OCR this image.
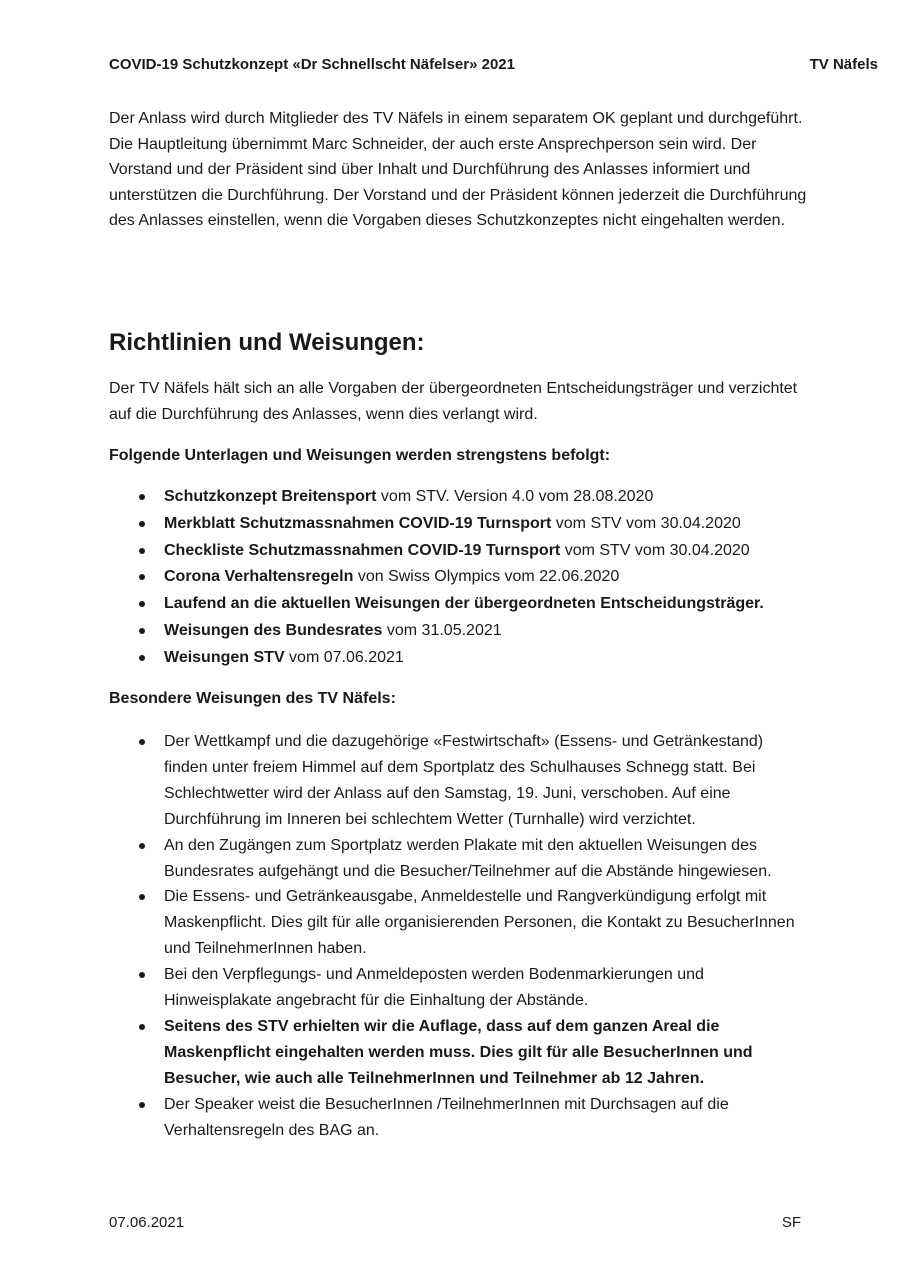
COVID-19 Schutzkonzept «Dr Schnellscht Näfelser» 2021	TV Näfels

Der Anlass wird durch Mitglieder des TV Näfels in einem separatem OK geplant und durchgeführt. Die Hauptleitung übernimmt Marc Schneider, der auch erste Ansprechperson sein wird. Der Vorstand und der Präsident sind über Inhalt und Durchführung des Anlasses informiert und unterstützen die Durchführung. Der Vorstand und der Präsident können jederzeit die Durchführung des Anlasses einstellen, wenn die Vorgaben dieses Schutzkonzeptes nicht eingehalten werden.

Richtlinien und Weisungen:

Der TV Näfels hält sich an alle Vorgaben der übergeordneten Entscheidungsträger und verzichtet auf die Durchführung des Anlasses, wenn dies verlangt wird.

Folgende Unterlagen und Weisungen werden strengstens befolgt:
Schutzkonzept Breitensport vom STV. Version 4.0 vom 28.08.2020
Merkblatt Schutzmassnahmen COVID-19 Turnsport vom STV vom 30.04.2020
Checkliste Schutzmassnahmen COVID-19 Turnsport vom STV vom 30.04.2020
Corona Verhaltensregeln von Swiss Olympics vom 22.06.2020
Laufend an die aktuellen Weisungen der übergeordneten Entscheidungsträger.
Weisungen des Bundesrates vom 31.05.2021
Weisungen STV vom 07.06.2021
Besondere Weisungen des TV Näfels:
Der Wettkampf und die dazugehörige «Festwirtschaft» (Essens- und Getränkestand) finden unter freiem Himmel auf dem Sportplatz des Schulhauses Schnegg statt. Bei Schlechtwetter wird der Anlass auf den Samstag, 19. Juni, verschoben. Auf eine Durchführung im Inneren bei schlechtem Wetter (Turnhalle) wird verzichtet.
An den Zugängen zum Sportplatz werden Plakate mit den aktuellen Weisungen des Bundesrates aufgehängt und die Besucher/Teilnehmer auf die Abstände hingewiesen.
Die Essens- und Getränkeausgabe, Anmeldestelle und Rangverkündigung erfolgt mit Maskenpflicht. Dies gilt für alle organisierenden Personen, die Kontakt zu BesucherInnen und TeilnehmerInnen haben.
Bei den Verpflegungs- und Anmeldeposten werden Bodenmarkierungen und Hinweisplakate angebracht für die Einhaltung der Abstände.
Seitens des STV erhielten wir die Auflage, dass auf dem ganzen Areal die Maskenpflicht eingehalten werden muss. Dies gilt für alle BesucherInnen und Besucher, wie auch alle TeilnehmerInnen und Teilnehmer ab 12 Jahren.
Der Speaker weist die BesucherInnen /TeilnehmerInnen mit Durchsagen auf die Verhaltensregeln des BAG an.
07.06.2021	SF
